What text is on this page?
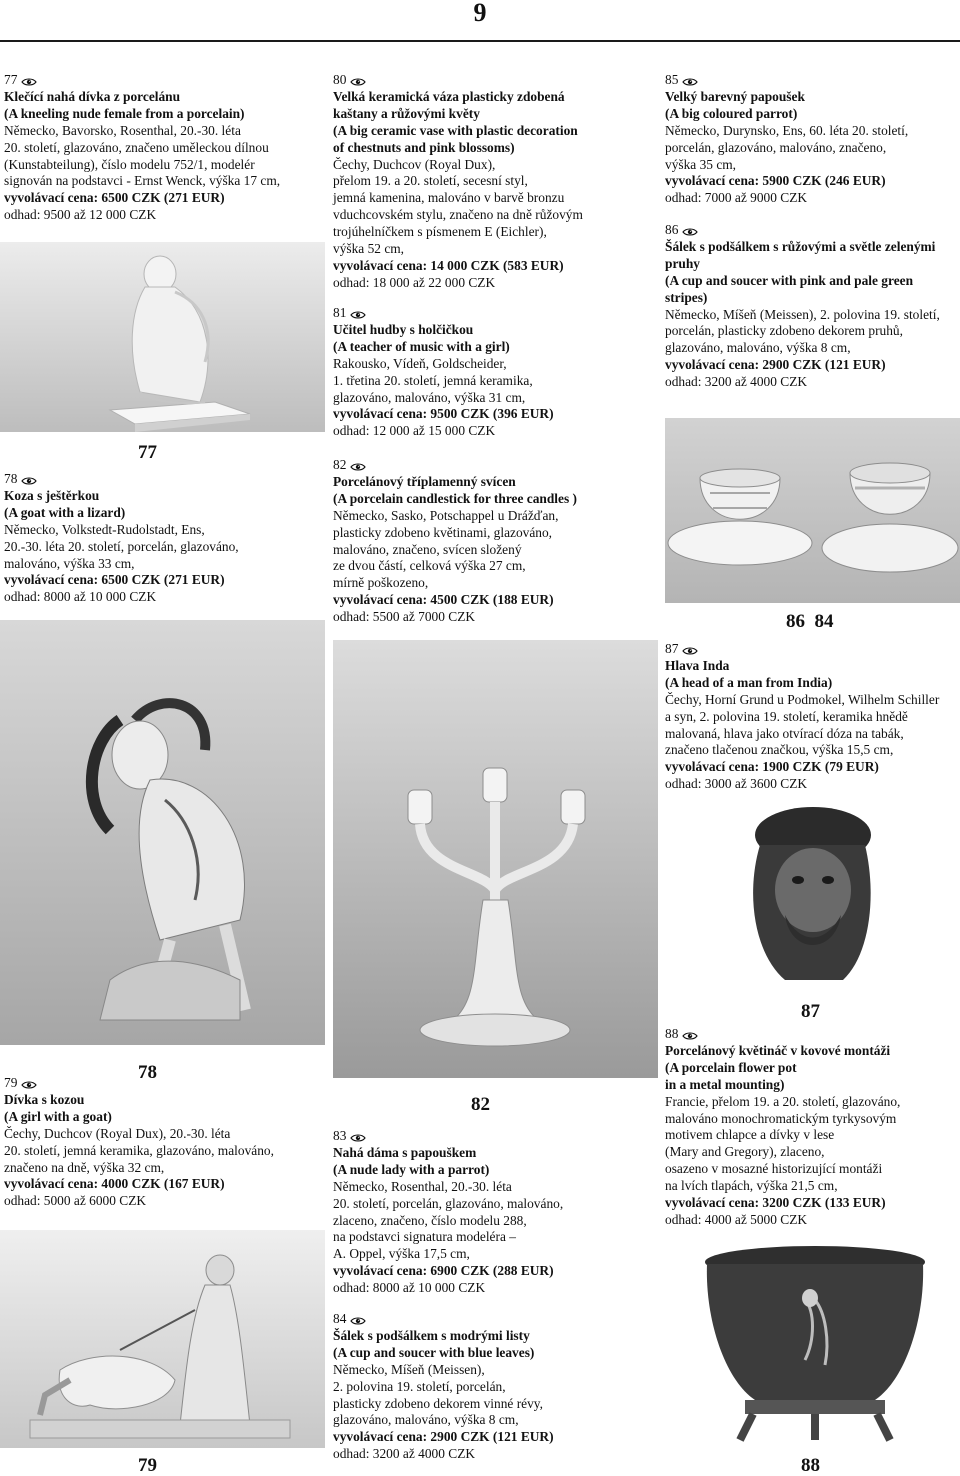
9
77
Klečící nahá dívka z porcelánu
(A kneeling nude female from a porcelain)
Německo, Bavorsko, Rosenthal, 20.-30. léta
20. století, glazováno, značeno uměleckou dílnou
(Kunstabteilung), číslo modelu 752/1, modelér
signován na podstavci - Ernst Wenck, výška 17 cm,
vyvolávací cena: 6500 CZK (271 EUR)
odhad: 9500 až 12 000 CZK
78
Koza s ještěrkou
(A goat with a lizard)
Německo, Volkstedt-Rudolstadt, Ens,
20.-30. léta 20. století, porcelán, glazováno,
malováno, výška 33 cm,
vyvolávací cena: 6500 CZK (271 EUR)
odhad: 8000 až 10 000 CZK
79
Dívka s kozou
(A girl with a goat)
Čechy, Duchcov (Royal Dux), 20.-30. léta
20. století, jemná keramika, glazováno, malováno,
značeno na dně, výška 32 cm,
vyvolávací cena: 4000 CZK (167 EUR)
odhad: 5000 až 6000 CZK
80
Velká keramická váza plasticky zdobená
kaštany a růžovými květy
(A big ceramic vase with plastic decoration
of chestnuts and pink blossoms)
Čechy, Duchcov (Royal Dux),
přelom 19. a 20. století, secesní styl,
jemná kamenina, malováno v barvě bronzu
vduchcovském stylu, značeno na dně růžovým
trojúhelníčkem s písmenem E (Eichler),
výška 52 cm,
vyvolávací cena: 14 000 CZK (583 EUR)
odhad: 18 000 až 22 000 CZK
81
Učitel hudby s holčičkou
(A teacher of music with a girl)
Rakousko, Vídeň, Goldscheider,
1. třetina 20. století, jemná keramika,
glazováno, malováno, výška 31 cm,
vyvolávací cena: 9500 CZK (396 EUR)
odhad: 12 000 až 15 000 CZK
82
Porcelánový tříplamenný svícen
(A porcelain candlestick for three candles )
Německo, Sasko, Potschappel u Drážďan,
plasticky zdobeno květinami, glazováno,
malováno, značeno, svícen složený
ze dvou částí, celková výška 27 cm,
mírně poškozeno,
vyvolávací cena: 4500 CZK (188 EUR)
odhad: 5500 až 7000 CZK
83
Nahá dáma s papouškem
(A nude lady with a parrot)
Německo, Rosenthal, 20.-30. léta
20. století, porcelán, glazováno, malováno,
zlaceno, značeno, číslo modelu 288,
na podstavci signatura modeléra –
A. Oppel, výška 17,5 cm,
vyvolávací cena: 6900 CZK (288 EUR)
odhad: 8000 až 10 000 CZK
84
Šálek s podšálkem s modrými listy
(A cup and soucer with blue leaves)
Německo, Míšeň (Meissen),
2. polovina 19. století, porcelán,
plasticky zdobeno dekorem vinné révy,
glazováno, malováno, výška 8 cm,
vyvolávací cena: 2900 CZK (121 EUR)
odhad: 3200 až 4000 CZK
85
Velký barevný papoušek
(A big coloured parrot)
Německo, Durynsko, Ens, 60. léta 20. století,
porcelán, glazováno, malováno, značeno,
výška 35 cm,
vyvolávací cena: 5900 CZK (246 EUR)
odhad: 7000 až 9000 CZK
86
Šálek s podšálkem s růžovými a světle zelenými
pruhy
(A cup and soucer with pink and pale green
stripes)
Německo, Míšeň (Meissen), 2. polovina 19. století,
porcelán, plasticky zdobeno dekorem pruhů,
glazováno, malováno, výška 8 cm,
vyvolávací cena: 2900 CZK (121 EUR)
odhad: 3200 až 4000 CZK
87
Hlava Inda
(A head of a man from India)
Čechy, Horní Grund u Podmokel, Wilhelm Schiller
a syn, 2. polovina 19. století, keramika hnědě
malovaná, hlava jako otvírací dóza na tabák,
značeno tlačenou značkou, výška 15,5 cm,
vyvolávací cena: 1900 CZK (79 EUR)
odhad: 3000 až 3600 CZK
88
Porcelánový květináč v kovové montáži
(A porcelain flower pot
in a metal mounting)
Francie, přelom 19. a 20. století, glazováno,
malováno monochromatickým tyrkysovým
motivem chlapce a dívky v lese
(Mary and Gregory), zlaceno,
osazeno v mosazné historizující montáži
na lvích tlapách, výška 21,5 cm,
vyvolávací cena: 3200 CZK (133 EUR)
odhad: 4000 až 5000 CZK
77
78
79
82
86  84
87
88
